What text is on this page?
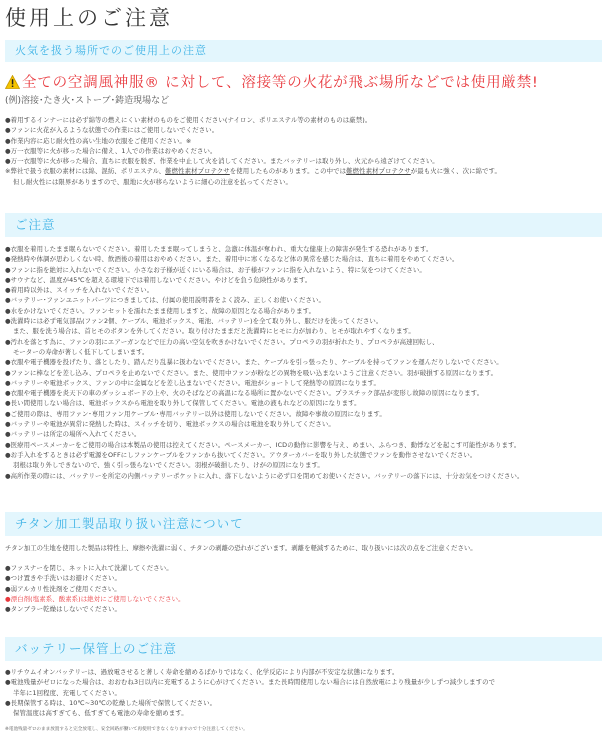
使用上のご注意
火気を扱う場所でのご使用上の注意
全ての空調風神服® に対して、溶接等の火花が飛ぶ場所などでは使用厳禁!
(例)溶接･たき火･ストーブ･鋳造現場など
●着用するインナーには必ず綿等の燃えにくい素材のものをご使用ください(ナイロン、ポリエステル等の素材のものは厳禁)。
●ファンに火花が入るような状態での作業にはご使用しないでください。
●作業内容に応じ耐火性の高い生地の衣服をご使用ください。※
●万一衣服等に火が移った場合に備え、1人での作業はおやめください。
●万一衣服等に火が移った場合、直ちに衣服を脱ぎ、作業を中止して火を消してください。またバッテリーは取り外し、火元から遠ざけてください。
※弊社で扱う衣服の素材には綿、混紡、ポリエステル、難燃性素材プロテクサを使用したものがあります。この中では難燃性素材プロテクサが最も火に強く、次に綿です。
但し耐火性には限界がありますので、服地に火が移らないように細心の注意を払ってください。
ご注意
●衣服を着用したまま眠らないでください。着用したまま眠ってしまうと、急激に体温が奪われ、重大な健康上の障害が発生する恐れがあります。
●発熱時や体調が思わしくない時、飲酒後の着用はおやめください。また、着用中に寒くなるなど体の異常を感じた場合は、直ちに着用をやめてください。
●ファンに指を絶対に入れないでください。小さなお子様が近くにいる場合は、お子様がファンに指を入れないよう、特に気をつけてください。
●サウナなど、温度が45℃を超える環境下では着用しないでください。やけどを負う危険性があります。
●着用時以外は、スイッチを入れないでください。
●バッテリー･ファンユニットパーツにつきましては、付属の使用説明書をよく読み、正しくお使いください。
●水をかけないでください。ファンセットを濡れたまま使用しますと、故障の原因となる場合があります。
●洗濯時には必ず電気部品(ファン2個、ケーブル、電池ボックス、電池、バッテリー)を全て取り外し、服だけを洗ってください。
また、服を洗う場合は、首ヒモのボタンを外してください。取り付けたままだと洗濯時にヒモに力が加わり、ヒモが取れやすくなります。
●汚れを落とす為に、ファンの羽にエアーガンなどで圧力の高い空気を吹きかけないでください。プロペラの羽が折れたり、プロペラが高速回転し、
モーターの寿命が著しく低下してしまいます。
●衣服や電子機器を投げたり、落としたり、踏んだり乱暴に扱わないでください。また、ケーブルを引っ張ったり、ケーブルを持ってファンを運んだりしないでください。
●ファンに棒などを差し込み、プロペラを止めないでください。また、使用中ファンが粉などの異物を吸い込まないようご注意ください。羽が破損する原因になります。
●バッテリーや電池ボックス、ファンの中に金属などを差し込まないでください。電池がショートして発熱等の原因になります。
●衣服や電子機器を炎天下の車のダッシュボードの上や、火のそばなどの高温になる場所に置かないでください。プラスチック部品が変形し故障の原因になります。
●長い間使用しない場合は、電池ボックスから電池を取り外して保管してください。電池の液もれなどの原因になります。
●ご使用の際は、専用ファン･専用ファン用ケーブル･専用バッテリー以外は使用しないでください。故障や事故の原因になります。
●バッテリーや電池が異常に発熱した時は、スイッチを切り、電池ボックスの場合は電池を取り外してください。
●バッテリーは所定の場所へ入れてください。
●医療用ペースメーカーをご使用の場合は本製品の使用は控えてください。ペースメーカー、ICDの動作に影響を与え、めまい、ふらつき、動悸などを起こす可能性があります。
●お手入れをするときは必ず電源をOFFにしファンケーブルをファンから抜いてください。アウターカバーを取り外した状態でファンを動作させないでください。
羽根は取り外しできないので、強く引っ張らないでください。羽根が破損したり、けがの原因になります。
●高所作業の際には、バッテリーを所定の内側バッテリーポケットに入れ、落下しないように必ず口を閉めてお使いください。バッテリーの落下には、十分お気をつけください。
チタン加工製品取り扱い注意について
チタン加工の生地を使用した製品は特性上、摩擦や洗濯に弱く、チタンの剥離の恐れがございます。剥離を軽減するために、取り扱いには次の点をご注意ください。
●ファスナーを閉じ、ネットに入れて洗濯してください。
●つけ置きや手洗いはお避けください。
●弱アルカリ性洗剤をご使用ください。
●漂白剤(塩素系、酸素系)は絶対にご使用しないでください。
●タンブラー乾燥はしないでください。
バッテリー保管上のご注意
●リチウムイオンバッテリーは、過放電させると著しく寿命を縮めるばかりではなく、化学反応により内部が不安定な状態になります。
●電池残量がゼロになった場合は、おおむね3日以内に充電するように心がけてください。また長時間使用しない場合には自然放電により残量が少しずつ減少しますので
半年に1回程度、充電してください。
●長期保管する時は、10℃~30℃の乾燥した場所で保管してください。
保管温度は高すぎても、低すぎても電池の寿命を縮めます。
※電池残量ゼロのまま放置すると完全放電し、安全回路が働いて再使用できなくなりますので十分注意してください。
